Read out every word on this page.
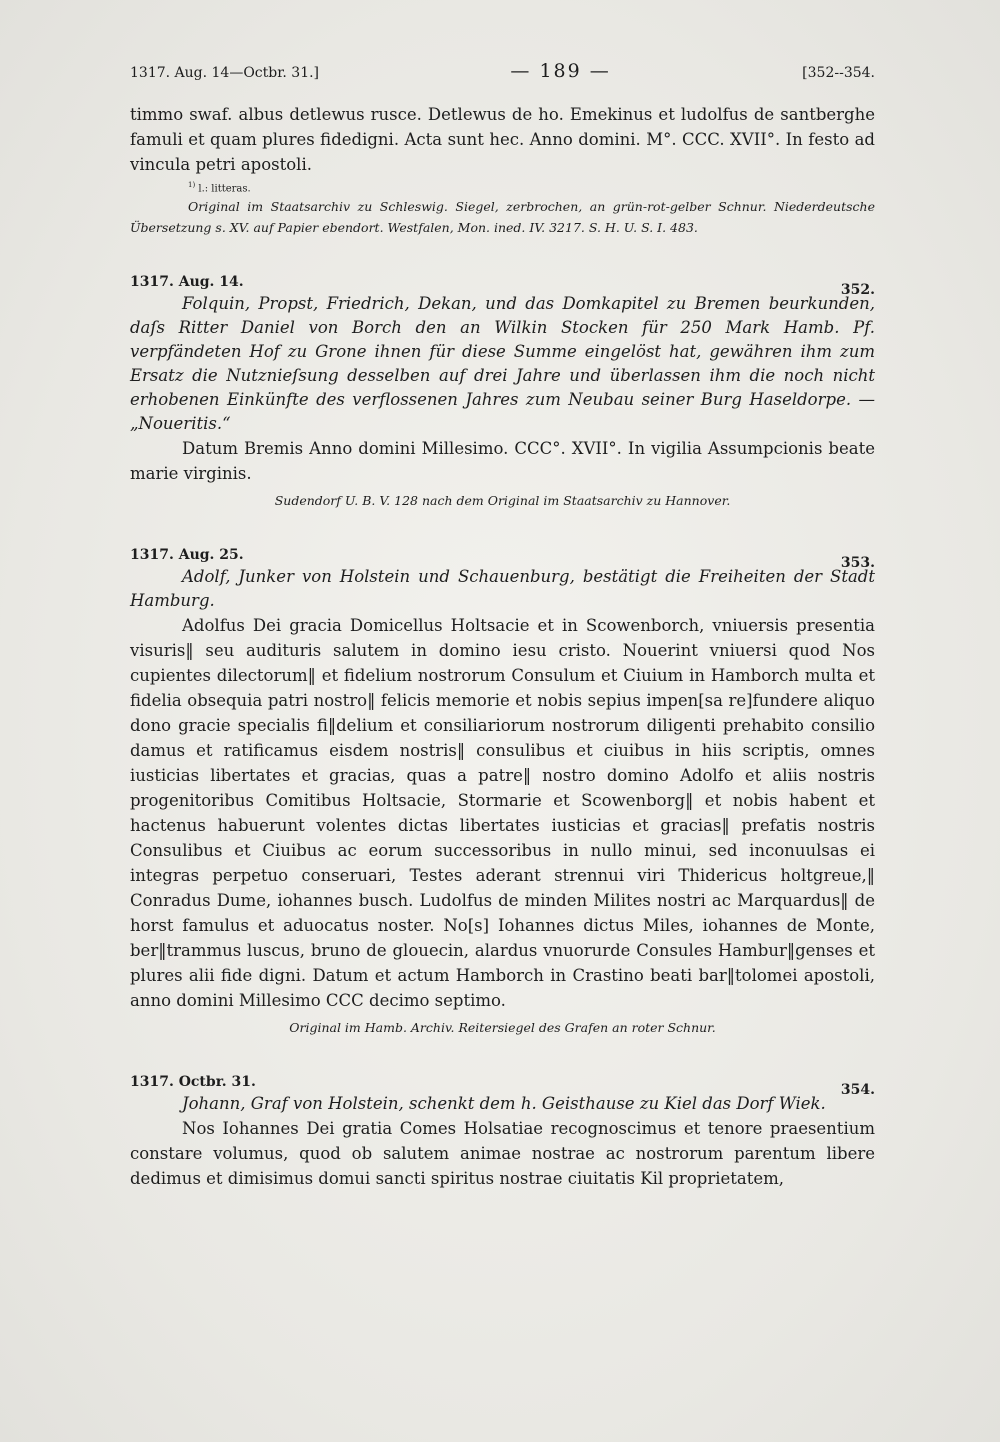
1317. Aug. 14—Octbr. 31.]	— 189 —	[352--354.

timmo swaf. albus detlewus rusce. Detlewus de ho. Emekinus et ludolfus de santberghe famuli et quam plures fidedigni. Acta sunt hec. Anno domini. M°. CCC. XVII°. In festo ad vincula petri apostoli.

$^{1)}$ l.: litteras.

Original im Staatsarchiv zu Schleswig. Siegel, zerbrochen, an grün-rot-gelber Schnur. Niederdeutsche Übersetzung s. XV. auf Papier ebendort. Westfalen, Mon. ined. IV. 3217. S. H. U. S. I. 483.

1317. Aug. 14.	352.

Folquin, Propst, Friedrich, Dekan, und das Domkapitel zu Bremen beurkunden, daſs Ritter Daniel von Borch den an Wilkin Stocken für 250 Mark Hamb. Pf. verpfändeten Hof zu Grone ihnen für diese Summe eingelöst hat, gewähren ihm zum Ersatz die Nutznieſsung desselben auf drei Jahre und überlassen ihm die noch nicht erhobenen Einkünfte des verflossenen Jahres zum Neubau seiner Burg Haseldorpe. — „Noueritis.“

Datum Bremis Anno domini Millesimo. CCC°. XVII°. In vigilia Assumpcionis beate marie virginis.

Sudendorf U. B. V. 128 nach dem Original im Staatsarchiv zu Hannover.

1317. Aug. 25.	353.

Adolf, Junker von Holstein und Schauenburg, bestätigt die Freiheiten der Stadt Hamburg.

Adolfus Dei gracia Domicellus Holtsacie et in Scowenborch, vniuersis presentia visuris‖ seu audituris salutem in domino iesu cristo. Nouerint vniuersi quod Nos cupientes dilectorum‖ et fidelium nostrorum Consulum et Ciuium in Hamborch multa et fidelia obsequia patri nostro‖ felicis memorie et nobis sepius impen[sa re]fundere aliquo dono gracie specialis fi‖delium et consiliariorum nostrorum diligenti prehabito consilio damus et ratificamus eisdem nostris‖ consulibus et ciuibus in hiis scriptis, omnes iusticias libertates et gracias, quas a patre‖ nostro domino Adolfo et aliis nostris progenitoribus Comitibus Holtsacie, Stormarie et Scowenborg‖ et nobis habent et hactenus habuerunt volentes dictas libertates iusticias et gracias‖ prefatis nostris Consulibus et Ciuibus ac eorum successoribus in nullo minui, sed inconuulsas ei integras perpetuo conseruari, Testes aderant strennui viri Thidericus holtgreue,‖ Conradus Dume, iohannes busch. Ludolfus de minden Milites nostri ac Marquardus‖ de horst famulus et aduocatus noster. No[s] Iohannes dictus Miles, iohannes de Monte, ber‖trammus luscus, bruno de glouecin, alardus vnuorurde Consules Hambur‖genses et plures alii fide digni. Datum et actum Hamborch in Crastino beati bar‖tolomei apostoli, anno domini Millesimo CCC decimo septimo.

Original im Hamb. Archiv. Reitersiegel des Grafen an roter Schnur.

1317. Octbr. 31.	354.

Johann, Graf von Holstein, schenkt dem h. Geisthause zu Kiel das Dorf Wiek.

Nos Iohannes Dei gratia Comes Holsatiae recognoscimus et tenore praesentium constare volumus, quod ob salutem animae nostrae ac nostrorum parentum libere dedimus et dimisimus domui sancti spiritus nostrae ciuitatis Kil proprietatem,
